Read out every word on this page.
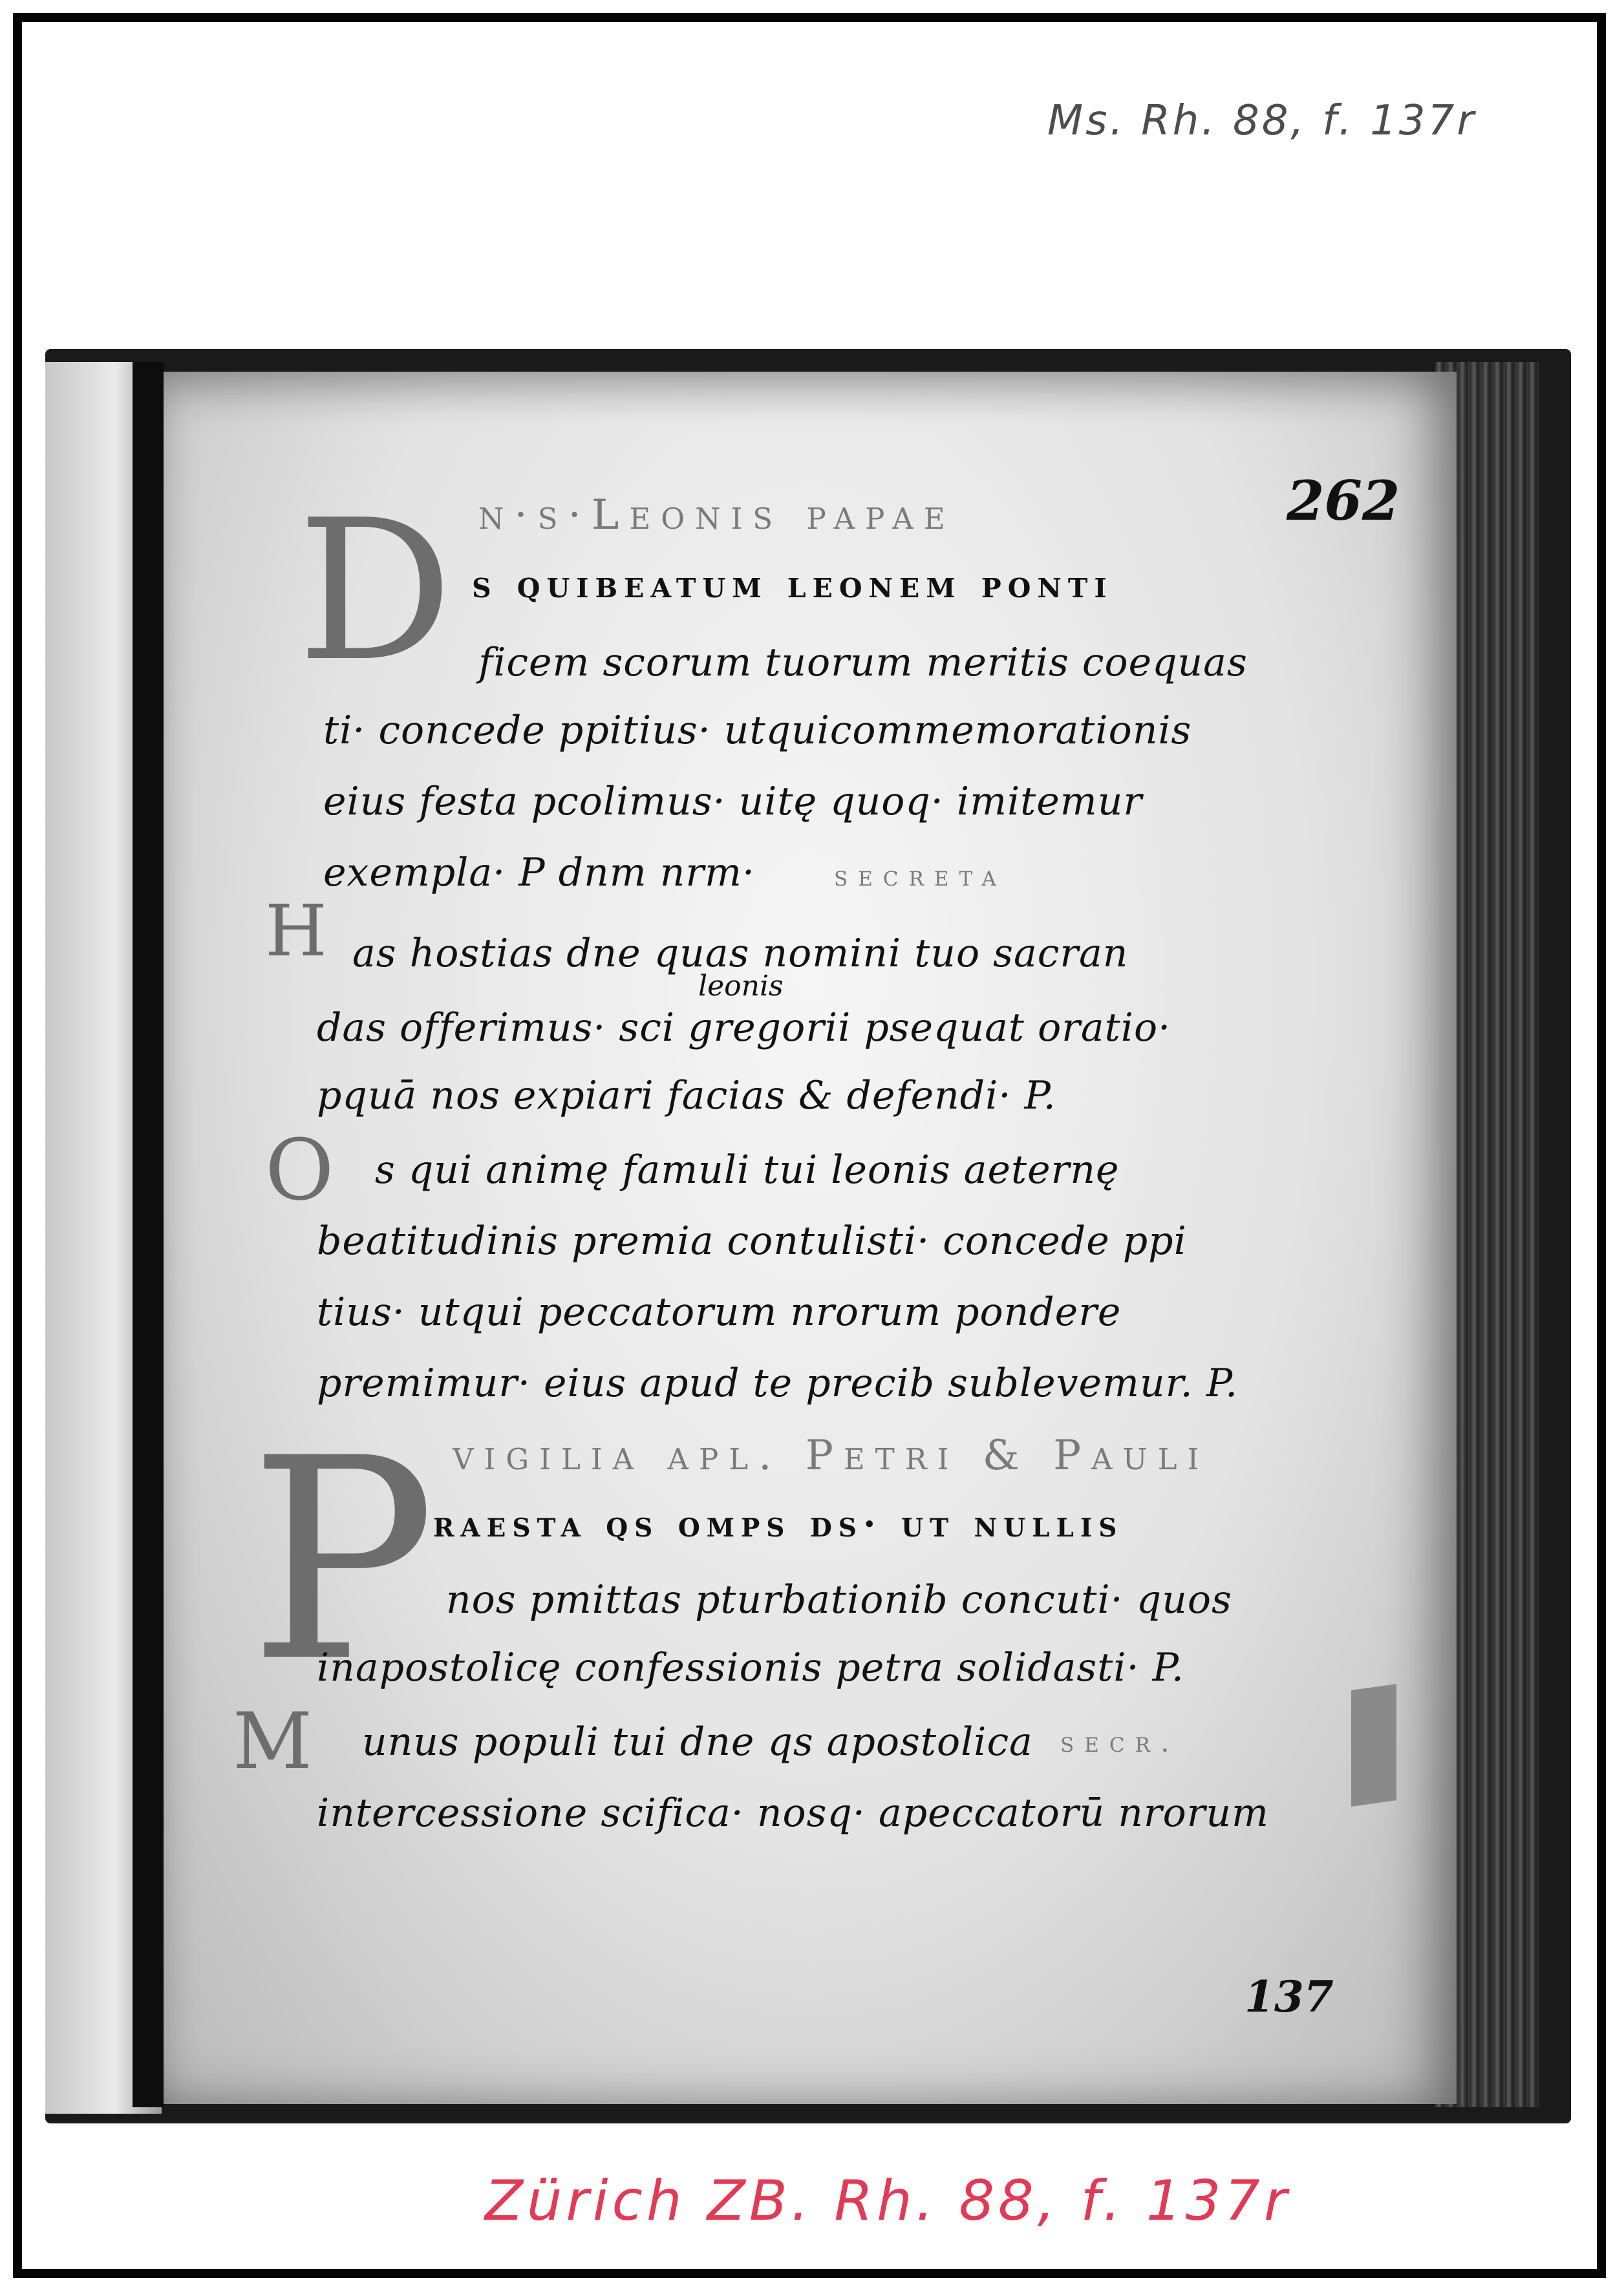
Ms. Rh. 88, f. 137r
262
n·s·Leonis papae
D s quibeatum leonem ponti
ficem scorum tuorum meritis coequas
ti· concede ppitius· utquicommemorationis
eius festa pcolimus· uitę quoq· imitemur
exempla· P dnm nrm·	secreta
H as hostias dne quas nomini tuo sacran
leonis
das offerimus· sci gregorii psequat oratio·
pquā nos expiari facias & defendi· P.
O s qui animę famuli tui leonis aeternę
beatitudinis premia contulisti· concede ppi
tius· utqui peccatorum nrorum pondere
premimur· eius apud te precib sublevemur. P.
vigilia apl. Petri & Pauli
P
raesta qs omps ds· ut nullis
nos pmittas pturbationib concuti· quos
inapostolicę confessionis petra solidasti· P.
M unus populi tui dne qs apostolica secr.
intercessione scifica· nosq· apeccatorū nrorum
137
Zürich ZB. Rh. 88, f. 137r
